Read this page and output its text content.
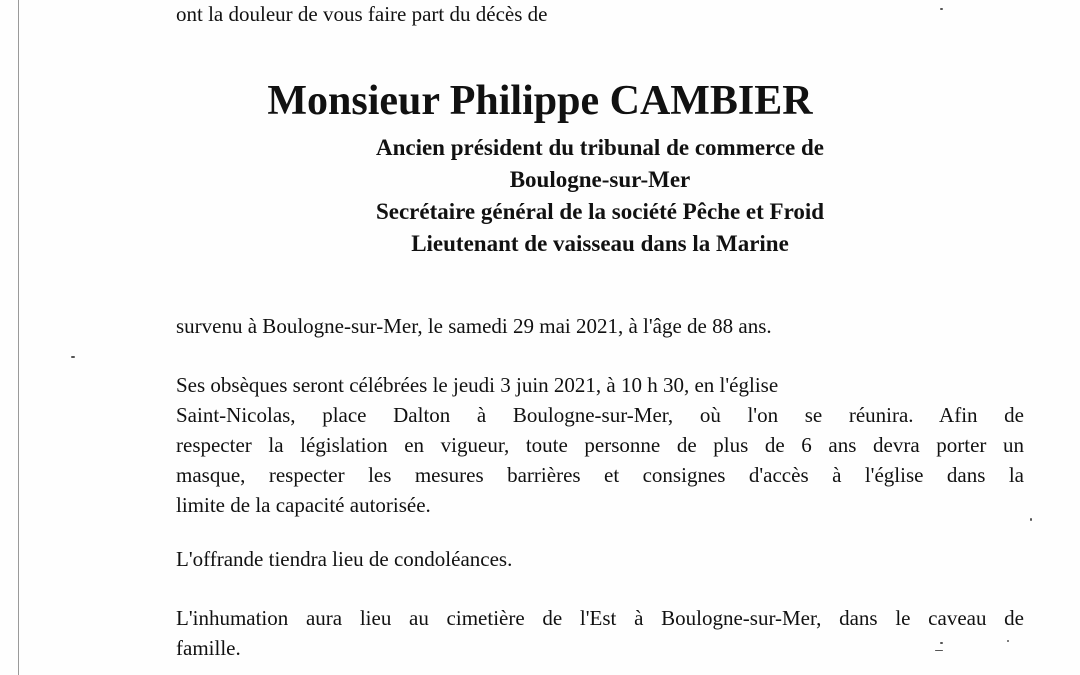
ont la douleur de vous faire part du décès de
Monsieur Philippe CAMBIER
Ancien président du tribunal de commerce de
Boulogne-sur-Mer
Secrétaire général de la société Pêche et Froid
Lieutenant de vaisseau dans la Marine
survenu à Boulogne-sur-Mer, le samedi 29 mai 2021, à l'âge de 88 ans.
Ses obsèques seront célébrées le jeudi 3 juin 2021, à 10 h 30, en l'église
Saint-Nicolas, place Dalton à Boulogne-sur-Mer, où l'on se réunira. Afin de
respecter la législation en vigueur, toute personne de plus de 6 ans devra porter un
masque, respecter les mesures barrières et consignes d'accès à l'église dans la
limite de la capacité autorisée.
L'offrande tiendra lieu de condoléances.
L'inhumation aura lieu au cimetière de l'Est à Boulogne-sur-Mer, dans le caveau de
famille.
